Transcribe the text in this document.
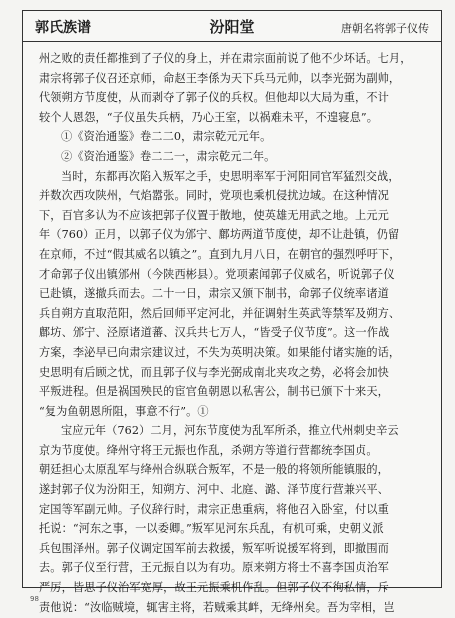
郭氏族谱	汾阳堂	唐朝名将郭子仪传
州之败的责任都推到了子仪的身上，并在肃宗面前说了他不少坏话。七月，
肃宗将郭子仪召还京师，命赵王李係为天下兵马元帅，以李光弼为副帅，
代领朔方节度使，从而剥夺了郭子仪的兵权。但他却以大局为重，不计
较个人恩怨，“子仪虽失兵柄，乃心王室，以祸难未平，不遑寝息”。
①《资治通鉴》卷二二0，肃宗乾元元年。
②《资治通鉴》卷二二一，肃宗乾元二年。
当时，东都再次陷入叛军之手，史思明率军于河阳同官军猛烈交战，
并数次西攻陕州，气焰嚣张。同时，党项也乘机侵扰边域。在这种情况
下，百官多认为不应该把郭子仪置于散地，使英雄无用武之地。上元元
年（760）正月，以郭子仪为邠宁、鄜坊两道节度使，却不让赴镇，仍留
在京师，不过“假其威名以镇之”。直到九月八日，在朝官的强烈呼吁下，
才命郭子仪出镇邠州（今陕西彬县）。党项素闻郭子仪威名，听说郭子仪
已赴镇，遂撤兵而去。二十一日，肃宗又颁下制书，命郭子仪统率诸道
兵自朔方直取范阳，然后回师平定河北，并征调射生英武等禁军及朔方、
鄜坊、邠宁、泾原诸道蕃、汉兵共七万人，“皆受子仪节度”。这一作战
方案，李泌早已向肃宗建议过，不失为英明决策。如果能付诸实施的话，
史思明有后顾之忧，而且郭子仪与李光弼成南北夹攻之势，必将会加快
平叛进程。但是祸国殃民的宦官鱼朝恩以私害公，制书已颁下十来天，
“复为鱼朝恩所阻，事意不行”。①
宝应元年（762）二月，河东节度使为乱军所杀，推立代州刺史辛云
京为节度使。绛州守将王元振也作乱，杀朔方等道行营都统李国贞。
朝廷担心太原乱军与绛州合纵联合叛军，不是一般的将领所能镇服的，
遂封郭子仪为汾阳王，知朔方、河中、北庭、潞、泽节度行营兼兴平、
定国等军副元帅。子仪辞行时，肃宗正患重病，将他召入卧室，付以重
托说：“河东之事，一以委卿。”叛军见河东兵乱，有机可乘，史朝义派
兵包围泽州。郭子仪调定国军前去救援，叛军听说援军将到，即撤围而
去。郭子仪至行营，王元振自以为有功。原来朔方将士不喜李国贞治军
严厉，皆思子仪治军宽厚，故王元振乘机作乱。但郭子仪不徇私情，斥
责他说：“汝临贼境，辄害主将，若贼乘其衅，无绛州矣。吾为宰相，岂
98
